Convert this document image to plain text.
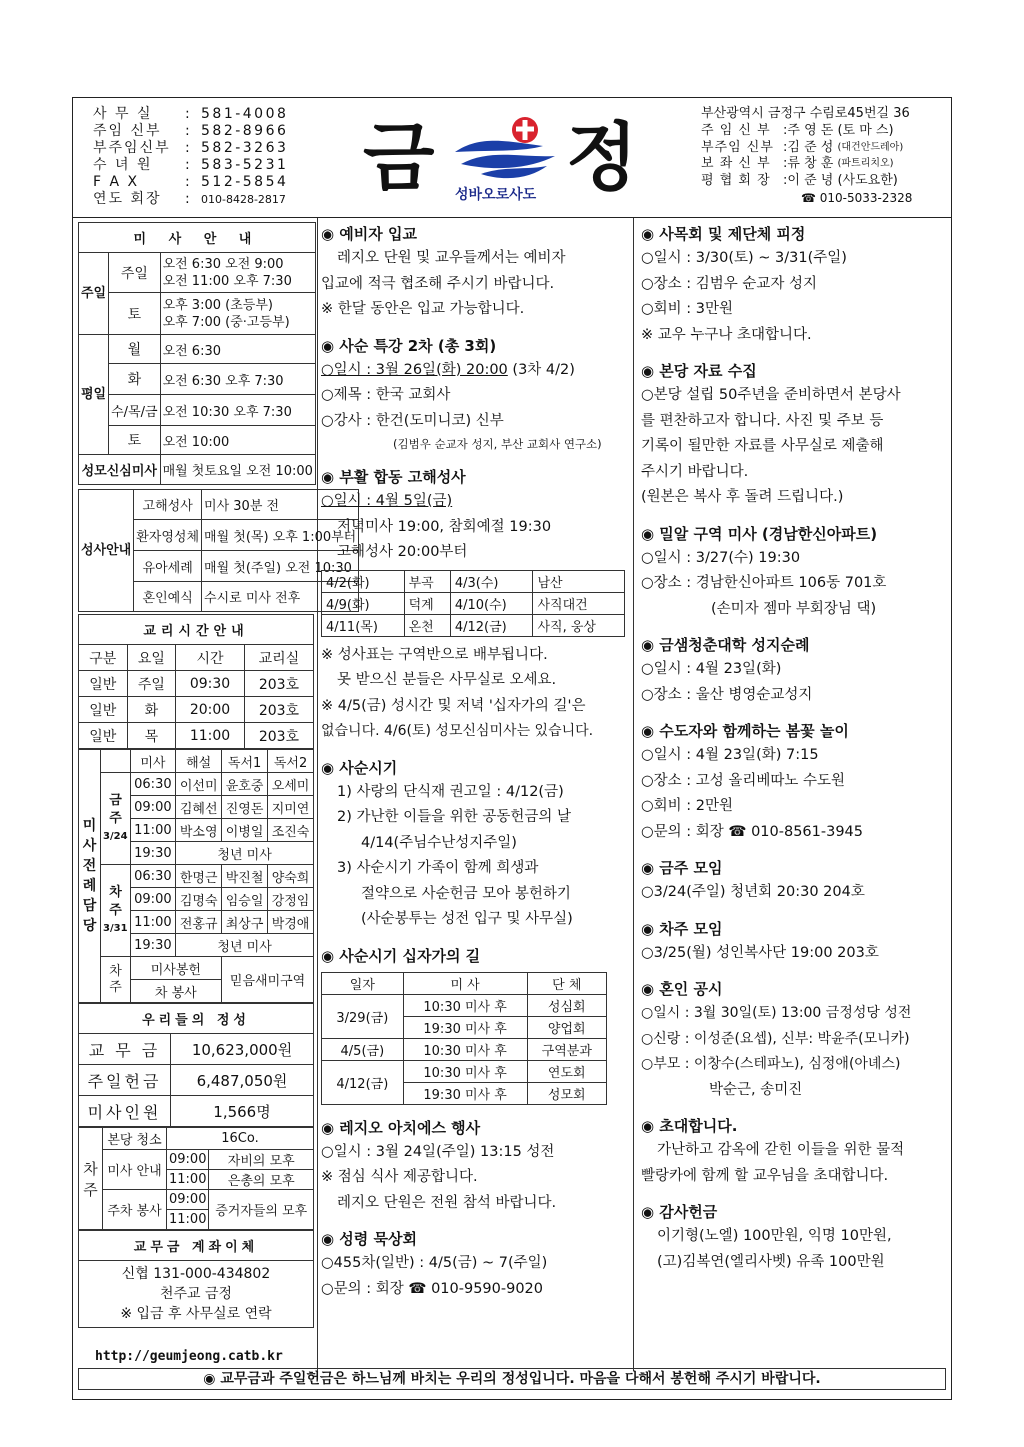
사 무 실	: 581-4008
주임 신부	: 582-8966
부주임신부	: 582-3263
수 녀 원	: 583-5231
F A X	: 512-5854
연도 회장	:	010-8428-2817 금 성바오로사도 정
부산광역시 금정구 수림로45번길 36
주 임 신 부 : 주 영 돈
(토 마 스)
부주임 신부 : 김 준 성
(대건안드레아)
보 좌 신 부 : 류 창 훈
(파트리치오)
평 협 회 장 : 이 준 녕
(사도요한)
☎ 010-5033-2328
미 사 안 내		
주일	주일	오전 6:30 오전 9:00
오전 11:00 오후 7:30

	토	오후 3:00 (초등부)
오후 7:00 (중·고등부)

평일	월	오전 6:30
	화	오전 6:30 오후 7:30
	수/목/금	오전 10:30 오후 7:30
	토	오전 10:00
성모신심미사		매월 첫토요일 오전 10:00
성사안내	고해성사	미사 30분 전
	환자영성체	매월 첫(목) 오후 1:00부터
	유아세례	매월 첫(주일) 오전 10:30
	혼인예식	수시로 미사 전후
교리시간안내			
구분	요일	시간	교리실
일반	주일	09:30	203호
일반	화	20:00	203호
일반	목	11:00	203호
미사전례담당		미사	해설	독서1	독서2

	금주
3/24	06:30	이선미	윤호중	오세미
		09:00	김혜선	진영돈	지미연
		11:00	박소영	이병일	조진숙
		19:30	청년 미사		

	차주
3/31	06:30	한명근	박진철	양숙희
		09:00	김명숙	임승일	강정임
		11:00	전홍규	최상구	박경애
		19:30	청년 미사		

	차주	미사봉헌		믿음새미구역	
		차 봉사			
우리들의 정성	
교 무 금	10,623,000원
주일헌금	6,487,050원
미사인원	1,566명
차주	본당 청소	16Co.	
	미사 안내	09:00	자비의 모후
		11:00	은총의 모후
	주차 봉사	09:00	증거자들의 모후
		11:00	
교무금 계좌이체

신협 131-000-434802
천주교 금정
※ 입금 후 사무실로 연락
◉ 예비자 입교

레지오 단원 및 교우들께서는 예비자

입교에 적극 협조해 주시기 바랍니다.

※ 한달 동안은 입교 가능합니다.

◉ 사순 특강 2차 (총 3회)

○일시 : 3월 26일(화) 20:00 (3차 4/2)

○제목 : 한국 교회사

○강사 : 한건(도미니코) 신부

(김범우 순교자 성지, 부산 교회사 연구소)

◉ 부활 합동 고해성사

○일시 : 4월 5일(금)

저녁미사 19:00, 참회예절 19:30

고해성사 20:00부터

4/2(화)	부곡	4/3(수)	남산
4/9(화)	덕계	4/10(수)	사직대건
4/11(목)	온천	4/12(금)	사직, 웅상

※ 성사표는 구역반으로 배부됩니다.

못 받으신 분들은 사무실로 오세요.

※ 4/5(금) 성시간 및 저녁 '십자가의 길'은

없습니다. 4/6(토) 성모신심미사는 있습니다.

◉ 사순시기

1) 사랑의 단식재 권고일 : 4/12(금)

2) 가난한 이들을 위한 공동헌금의 날

4/14(주님수난성지주일)

3) 사순시기 가족이 함께 희생과

절약으로 사순헌금 모아 봉헌하기

(사순봉투는 성전 입구 및 사무실)

◉ 사순시기 십자가의 길
일자	미 사	단 체
3/29(금)	10:30 미사 후	성심회
	19:30 미사 후	양업회
4/5(금)	10:30 미사 후	구역분과
4/12(금)	10:30 미사 후	연도회
	19:30 미사 후	성모회
◉ 레지오 아치에스 행사

○일시 : 3월 24일(주일) 13:15 성전

※ 점심 식사 제공합니다.

레지오 단원은 전원 참석 바랍니다.

◉ 성령 묵상회

○455차(일반) : 4/5(금) ~ 7(주일)

○문의 : 회장 ☎ 010-9590-9020

◉ 사목회 및 제단체 피정

○일시 : 3/30(토) ~ 3/31(주일)

○장소 : 김범우 순교자 성지

○회비 : 3만원

※ 교우 누구나 초대합니다.

◉ 본당 자료 수집

○본당 설립 50주년을 준비하면서 본당사

를 편찬하고자 합니다. 사진 및 주보 등

기록이 될만한 자료를 사무실로 제출해

주시기 바랍니다.

(원본은 복사 후 돌려 드립니다.)

◉ 밀알 구역 미사 (경남한신아파트)

○일시 : 3/27(수) 19:30

○장소 : 경남한신아파트 106동 701호

(손미자 젬마 부회장님 댁)

◉ 금샘청춘대학 성지순례

○일시 : 4월 23일(화)

○장소 : 울산 병영순교성지

◉ 수도자와 함께하는 봄꽃 놀이

○일시 : 4월 23일(화) 7:15

○장소 : 고성 올리베따노 수도원

○회비 : 2만원

○문의 : 회장 ☎ 010-8561-3945

◉ 금주 모임

○3/24(주일) 청년회 20:30 204호

◉ 차주 모임

○3/25(월) 성인복사단 19:00 203호

◉ 혼인 공시

○일시 : 3월 30일(토) 13:00 금정성당 성전

○신랑 : 이성준(요셉), 신부: 박윤주(모니카)

○부모 : 이창수(스테파노), 심정애(아녜스)

박순근, 송미진

◉ 초대합니다.

가난하고 감옥에 갇힌 이들을 위한 물적

빨랑카에 함께 할 교우님을 초대합니다.

◉ 감사헌금

이기형(노엘) 100만원, 익명 10만원,

(고)김복연(엘리사벳) 유족 100만원

http://geumjeong.catb.kr
◉ 교무금과 주일헌금은 하느님께 바치는 우리의 정성입니다. 마음을 다해서 봉헌해 주시기 바랍니다.
